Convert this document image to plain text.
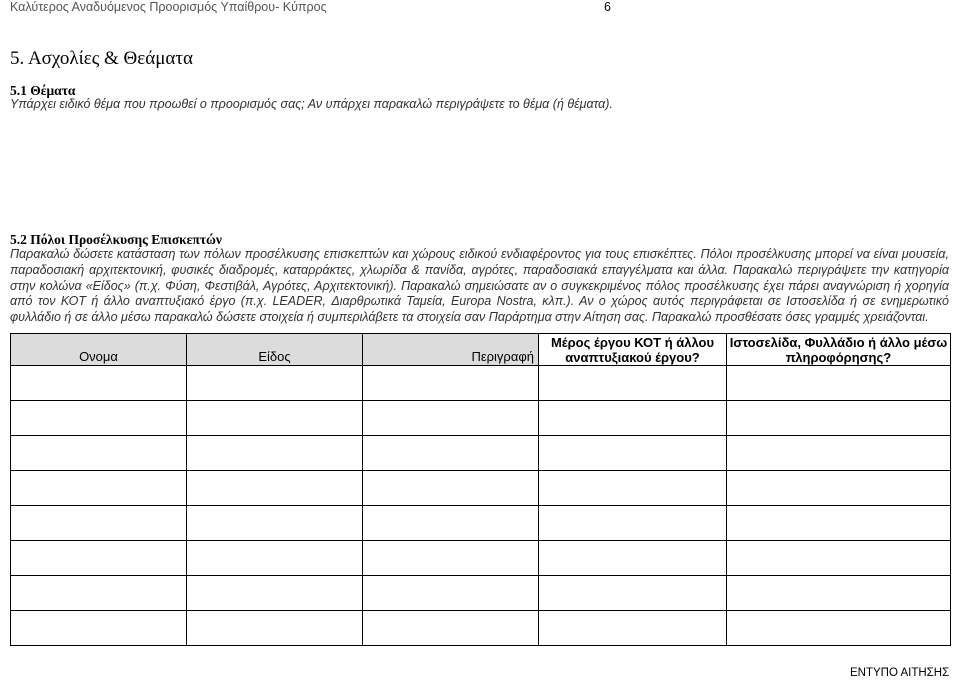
Καλύτερος Αναδυόμενος Προορισμός Υπαίθρου- Κύπρος	6
5. Ασχολίες & Θεάματα
5.1 Θέματα
Υπάρχει ειδικό θέμα που προωθεί ο προορισμός σας; Αν υπάρχει παρακαλώ περιγράψετε το θέμα (ή θέματα).
5.2 Πόλοι Προσέλκυσης Επισκεπτών
Παρακαλώ δώσετε κατάσταση των πόλων προσέλκυσης επισκεπτών και χώρους ειδικού ενδιαφέροντος για τους επισκέπτες. Πόλοι προσέλκυσης μπορεί να είναι μουσεία, παραδοσιακή αρχιτεκτονική, φυσικές διαδρομές, καταρράκτες, χλωρίδα & πανίδα, αγρότες, παραδοσιακά επαγγέλματα και άλλα. Παρακαλώ περιγράψετε την κατηγορία στην κολώνα «Είδος» (π.χ. Φύση, Φεστιβάλ, Αγρότες, Αρχιτεκτονική). Παρακαλώ σημειώσατε αν ο συγκεκριμένος πόλος προσέλκυσης έχει πάρει αναγνώριση ή χορηγία από τον ΚΟΤ ή άλλο αναπτυξιακό έργο (π.χ. LEADER, Διαρθρωτικά Ταμεία, Europa Nostra, κλπ.). Αν ο χώρος αυτός περιγράφεται σε Ιστοσελίδα ή σε ενημερωτικό φυλλάδιο ή σε άλλο μέσω παρακαλώ δώσετε στοιχεία ή συμπεριλάβετε τα στοιχεία σαν Παράρτημα στην Αίτηση σας. Παρακαλώ προσθέσατε όσες γραμμές χρειάζονται.
Ονομα	Είδος	Περιγραφή	Μέρος έργου ΚΟΤ ή άλλου αναπτυξιακού έργου?	Ιστοσελίδα, Φυλλάδιο ή άλλο μέσω πληροφόρησης?

ΕΝΤΥΠΟ ΑΙΤΗΣΗΣ
